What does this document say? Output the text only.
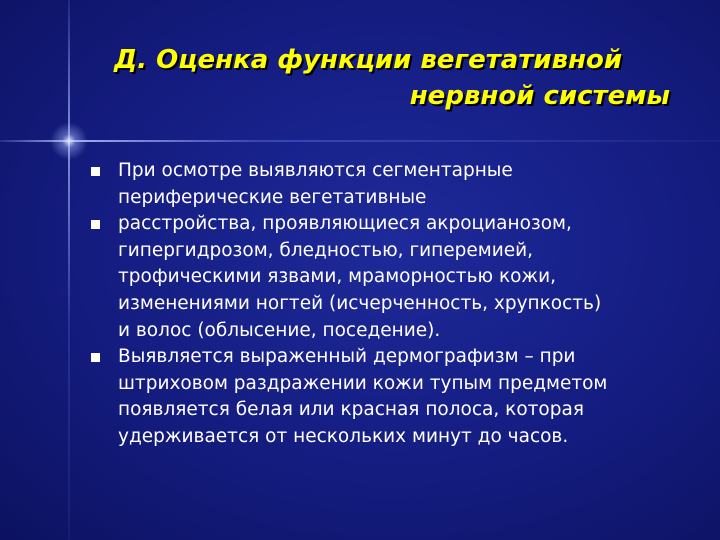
Д. Оценка функции вегетативной
нервной системы
При осмотре выявляются сегментарные
периферические вегетативные
расстройства, проявляющиеся акроцианозом,
гипергидрозом, бледностью, гиперемией,
трофическими язвами, мраморностью кожи,
изменениями ногтей (исчерченность, хрупкость)
и волос (облысение, поседение).
Выявляется выраженный дермографизм – при
штриховом раздражении кожи тупым предметом
появляется белая или красная полоса, которая
удерживается от нескольких минут до часов.
